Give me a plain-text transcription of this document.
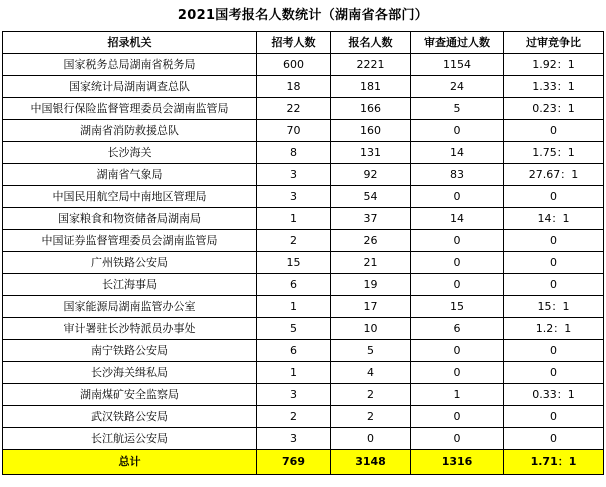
2021国考报名人数统计（湖南省各部门）
招录机关	招考人数	报名人数	审查通过人数	过审竞争比
国家税务总局湖南省税务局	600	2221	1154	1.92：1
国家统计局湖南调查总队	18	181	24	1.33：1
中国银行保险监督管理委员会湖南监管局	22	166	5	0.23：1
湖南省消防救援总队	70	160	0	0
长沙海关	8	131	14	1.75：1
湖南省气象局	3	92	83	27.67：1
中国民用航空局中南地区管理局	3	54	0	0
国家粮食和物资储备局湖南局	1	37	14	14：1
中国证券监督管理委员会湖南监管局	2	26	0	0
广州铁路公安局	15	21	0	0
长江海事局	6	19	0	0
国家能源局湖南监管办公室	1	17	15	15：1
审计署驻长沙特派员办事处	5	10	6	1.2：1
南宁铁路公安局	6	5	0	0
长沙海关缉私局	1	4	0	0
湖南煤矿安全监察局	3	2	1	0.33：1
武汉铁路公安局	2	2	0	0
长江航运公安局	3	0	0	0
总计	769	3148	1316	1.71：1
